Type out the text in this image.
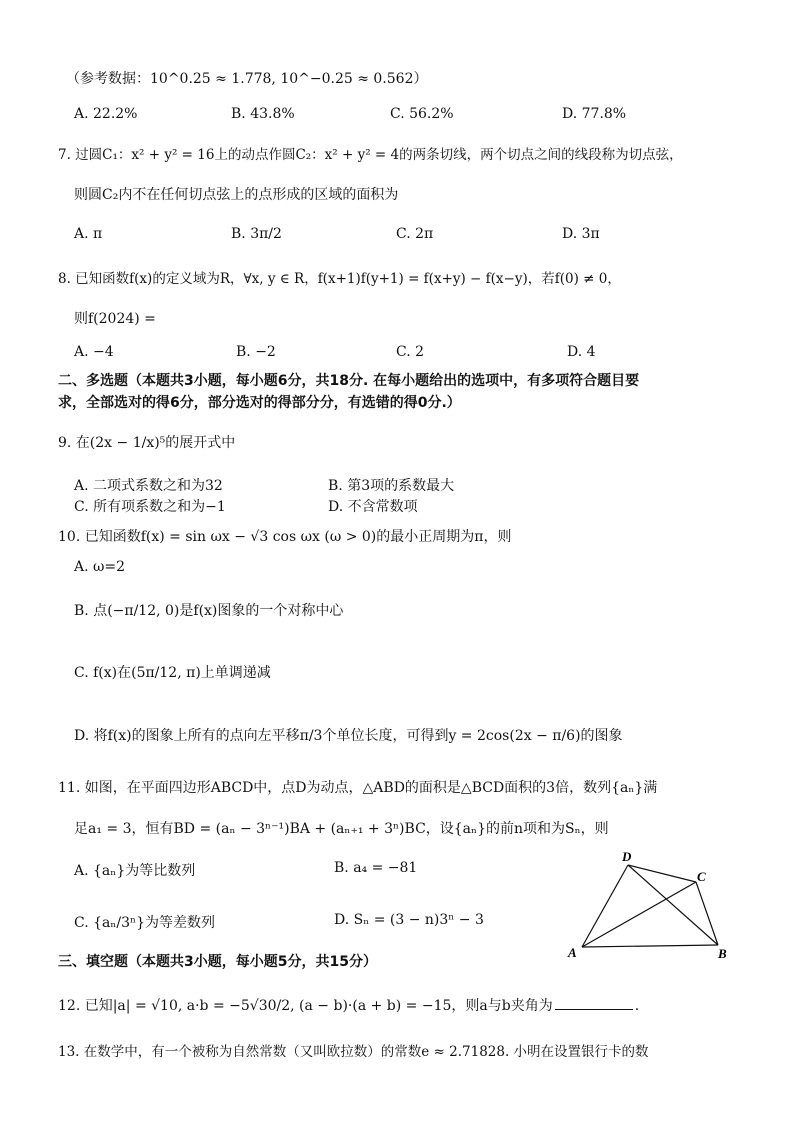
（参考数据：10^0.25 ≈ 1.778, 10^−0.25 ≈ 0.562）
A. 22.2%	B. 43.8%	C. 56.2%	D. 77.8%
7. 过圆C₁：x² + y² = 16上的动点作圆C₂：x² + y² = 4的两条切线，两个切点之间的线段称为切点弦，
则圆C₂内不在任何切点弦上的点形成的区域的面积为
A. π	B. 3π/2	C. 2π	D. 3π
8. 已知函数f(x)的定义域为R，∀x, y ∈ R，f(x+1)f(y+1) = f(x+y) − f(x−y)，若f(0) ≠ 0，
则f(2024) =
A. −4	B. −2	C. 2	D. 4
二、多选题（本题共3小题，每小题6分，共18分. 在每小题给出的选项中，有多项符合题目要
求，全部选对的得6分，部分选对的得部分分，有选错的得0分.）
9. 在(2x − 1/x)⁵的展开式中
A. 二项式系数之和为32	B. 第3项的系数最大
C. 所有项系数之和为−1	D. 不含常数项
10. 已知函数f(x) = sin ωx − √3 cos ωx (ω > 0)的最小正周期为π，则
A. ω=2
B. 点(−π/12, 0)是f(x)图象的一个对称中心
C. f(x)在(5π/12, π)上单调递减
D. 将f(x)的图象上所有的点向左平移π/3个单位长度，可得到y = 2cos(2x − π/6)的图象
11. 如图，在平面四边形ABCD中，点D为动点，△ABD的面积是△BCD面积的3倍，数列{aₙ}满
足a₁ = 3，恒有BD = (aₙ − 3ⁿ⁻¹)BA + (aₙ₊₁ + 3ⁿ)BC，设{aₙ}的前n项和为Sₙ，则
A. {aₙ}为等比数列	B. a₄ = −81
C. {aₙ/3ⁿ}为等差数列	D. Sₙ = (3 − n)3ⁿ − 3
D
C
A	B
三、填空题（本题共3小题，每小题5分，共15分）
12. 已知|a| = √10, a·b = −5√30/2, (a − b)·(a + b) = −15，则a与b夹角为	.
13. 在数学中，有一个被称为自然常数（又叫欧拉数）的常数e ≈ 2.71828. 小明在设置银行卡的数
